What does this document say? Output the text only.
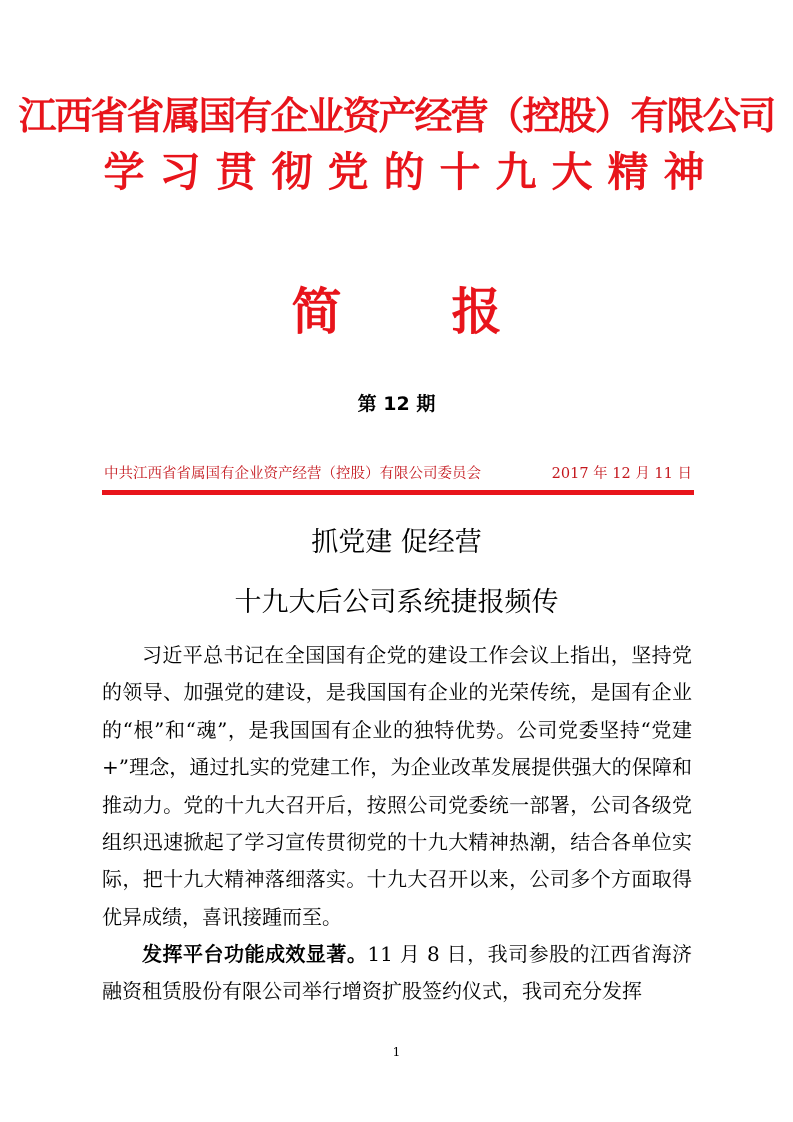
江西省省属国有企业资产经营（控股）有限公司
学习贯彻党的十九大精神
简 报
第 12 期
中共江西省省属国有企业资产经营（控股）有限公司委员会	2017 年 12 月 11 日
抓党建 促经营
十九大后公司系统捷报频传
习近平总书记在全国国有企党的建设工作会议上指出，坚持党的领导、加强党的建设，是我国国有企业的光荣传统，是国有企业的“根”和“魂”，是我国国有企业的独特优势。公司党委坚持“党建+”理念，通过扎实的党建工作，为企业改革发展提供强大的保障和推动力。党的十九大召开后，按照公司党委统一部署，公司各级党组织迅速掀起了学习宣传贯彻党的十九大精神热潮，结合各单位实际，把十九大精神落细落实。十九大召开以来，公司多个方面取得优异成绩，喜讯接踵而至。
发挥平台功能成效显著。11 月 8 日，我司参股的江西省海济融资租赁股份有限公司举行增资扩股签约仪式，我司充分发挥
1
